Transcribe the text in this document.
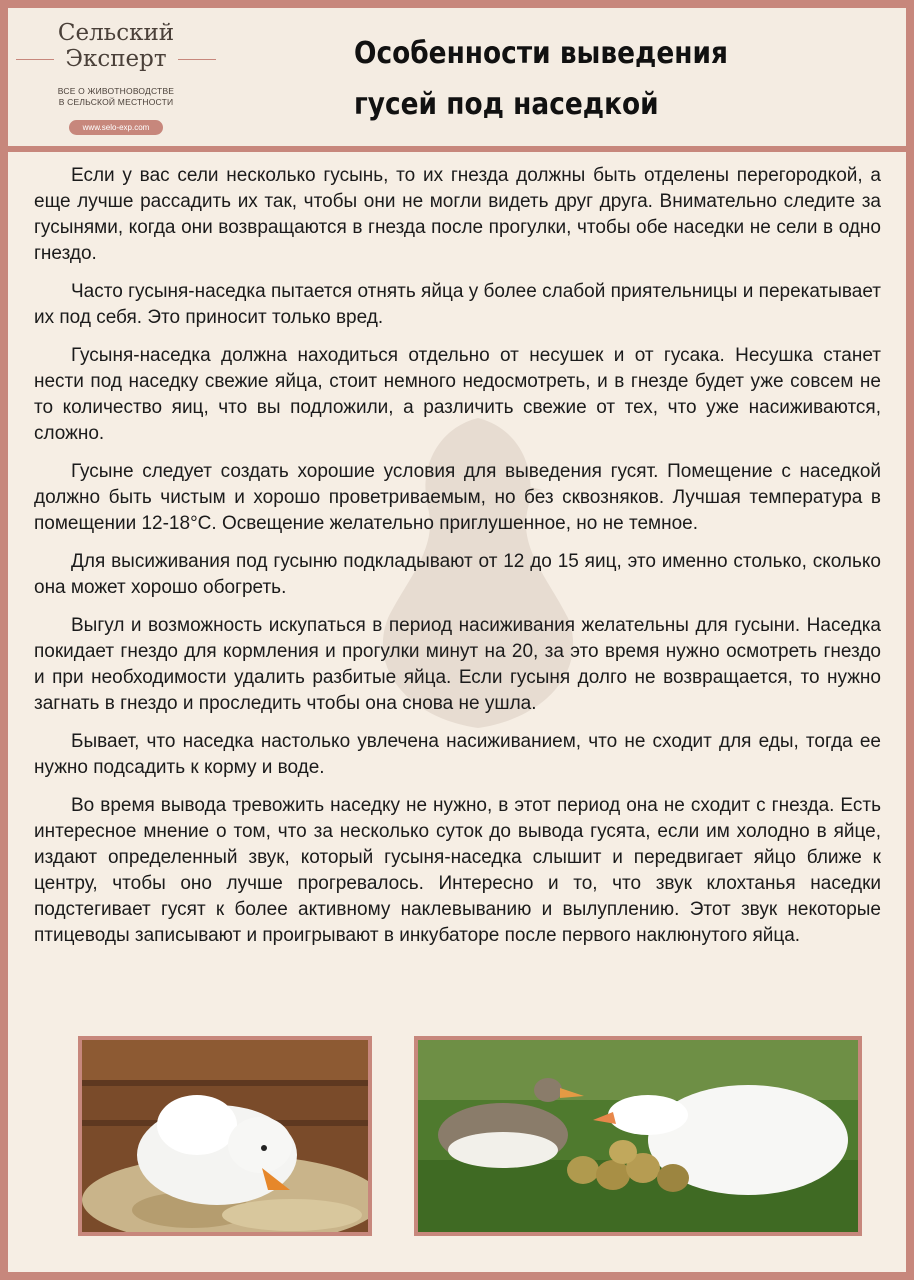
Сельский
Эксперт
ВСЕ О ЖИВОТНОВОДСТВЕ
В СЕЛЬСКОЙ МЕСТНОСТИ
www.selo-exp.com
Особенности выведения
гусей под наседкой

Если у вас сели несколько гусынь, то их гнезда должны быть отделены перегородкой, а еще лучше рассадить их так, чтобы они не могли видеть друг друга. Внимательно следите за гусынями, когда они возвращаются в гнезда после прогулки, чтобы обе наседки не сели в одно гнездо.

Часто гусыня-наседка пытается отнять яйца у более слабой приятельницы и перекатывает их под себя. Это приносит только вред.

Гусыня-наседка должна находиться отдельно от несушек и от гусака. Несушка станет нести под наседку свежие яйца, стоит немного недосмотреть, и в гнезде будет уже совсем не то количество яиц, что вы подложили, а различить свежие от тех, что уже насиживаются, сложно.

Гусыне следует создать хорошие условия для выведения гусят. Помещение с наседкой должно быть чистым и хорошо проветриваемым, но без сквозняков. Лучшая температура в помещении 12-18°С. Освещение желательно приглушенное, но не темное.

Для высиживания под гусыню подкладывают от 12 до 15 яиц, это именно столько, сколько она может хорошо обогреть.

Выгул и возможность искупаться в период насиживания желательны для гусыни. Наседка покидает гнездо для кормления и прогулки минут на 20, за это время нужно осмотреть гнездо и при необходимости удалить разбитые яйца. Если гусыня долго не возвращается, то нужно загнать в гнездо и проследить чтобы она снова не ушла.

Бывает, что наседка настолько увлечена насиживанием, что не сходит для еды, тогда ее нужно подсадить к корму и воде.

Во время вывода тревожить наседку не нужно, в этот период она не сходит с гнезда. Есть интересное мнение о том, что за несколько суток до вывода гусята, если им холодно в яйце, издают определенный звук, который гусыня-наседка слышит и передвигает яйцо ближе к центру, чтобы оно лучше прогревалось. Интересно и то, что звук клохтанья наседки подстегивает гусят к более активному наклевыванию и вылуплению. Этот звук некоторые птицеводы записывают и проигрывают в инкубаторе после первого наклюнутого яйца.
